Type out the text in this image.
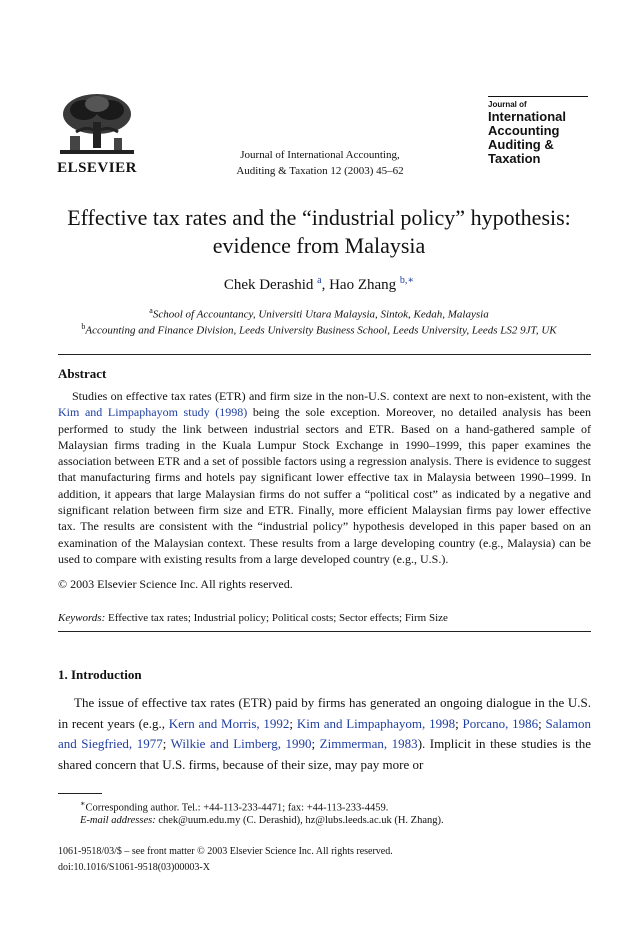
ELSEVIER
Journal of International Accounting,
Auditing & Taxation 12 (2003) 45–62
Journal of
International
Accounting
Auditing &
Taxation
Effective tax rates and the “industrial policy” hypothesis:
evidence from Malaysia
Chek Derashid $^a$, Hao Zhang $^{b,∗}$
$^a$School of Accountancy, Universiti Utara Malaysia, Sintok, Kedah, Malaysia
$^b$Accounting and Finance Division, Leeds University Business School, Leeds University, Leeds LS2 9JT, UK
Abstract

Studies on effective tax rates (ETR) and firm size in the non-U.S. context are next to non-existent, with the Kim and Limpaphayom study (1998) being the sole exception. Moreover, no detailed analysis has been performed to study the link between industrial sectors and ETR. Based on a hand-gathered sample of Malaysian firms trading in the Kuala Lumpur Stock Exchange in 1990–1999, this paper examines the association between ETR and a set of possible factors using a regression analysis. There is evidence to suggest that manufacturing firms and hotels pay significant lower effective tax in Malaysia between 1990–1999. In addition, it appears that large Malaysian firms do not suffer a “political cost” as indicated by a negative and significant relation between firm size and ETR. Finally, more efficient Malaysian firms pay lower effective tax. The results are consistent with the “industrial policy” hypothesis developed in this paper based on an examination of the Malaysian context. These results from a large developing country (e.g., Malaysia) can be used to compare with existing results from a large developed country (e.g., U.S.).

© 2003 Elsevier Science Inc. All rights reserved.
Keywords: Effective tax rates; Industrial policy; Political costs; Sector effects; Firm Size
1. Introduction

The issue of effective tax rates (ETR) paid by firms has generated an ongoing dialogue in the U.S. in recent years (e.g., Kern and Morris, 1992; Kim and Limpaphayom, 1998; Porcano, 1986; Salamon and Siegfried, 1977; Wilkie and Limberg, 1990; Zimmerman, 1983). Implicit in these studies is the shared concern that U.S. firms, because of their size, may pay more or

∗Corresponding author. Tel.: +44-113-233-4471; fax: +44-113-233-4459.
E-mail addresses: chek@uum.edu.my (C. Derashid), hz@lubs.leeds.ac.uk (H. Zhang).
1061-9518/03/$ – see front matter © 2003 Elsevier Science Inc. All rights reserved.
doi:10.1016/S1061-9518(03)00003-X
